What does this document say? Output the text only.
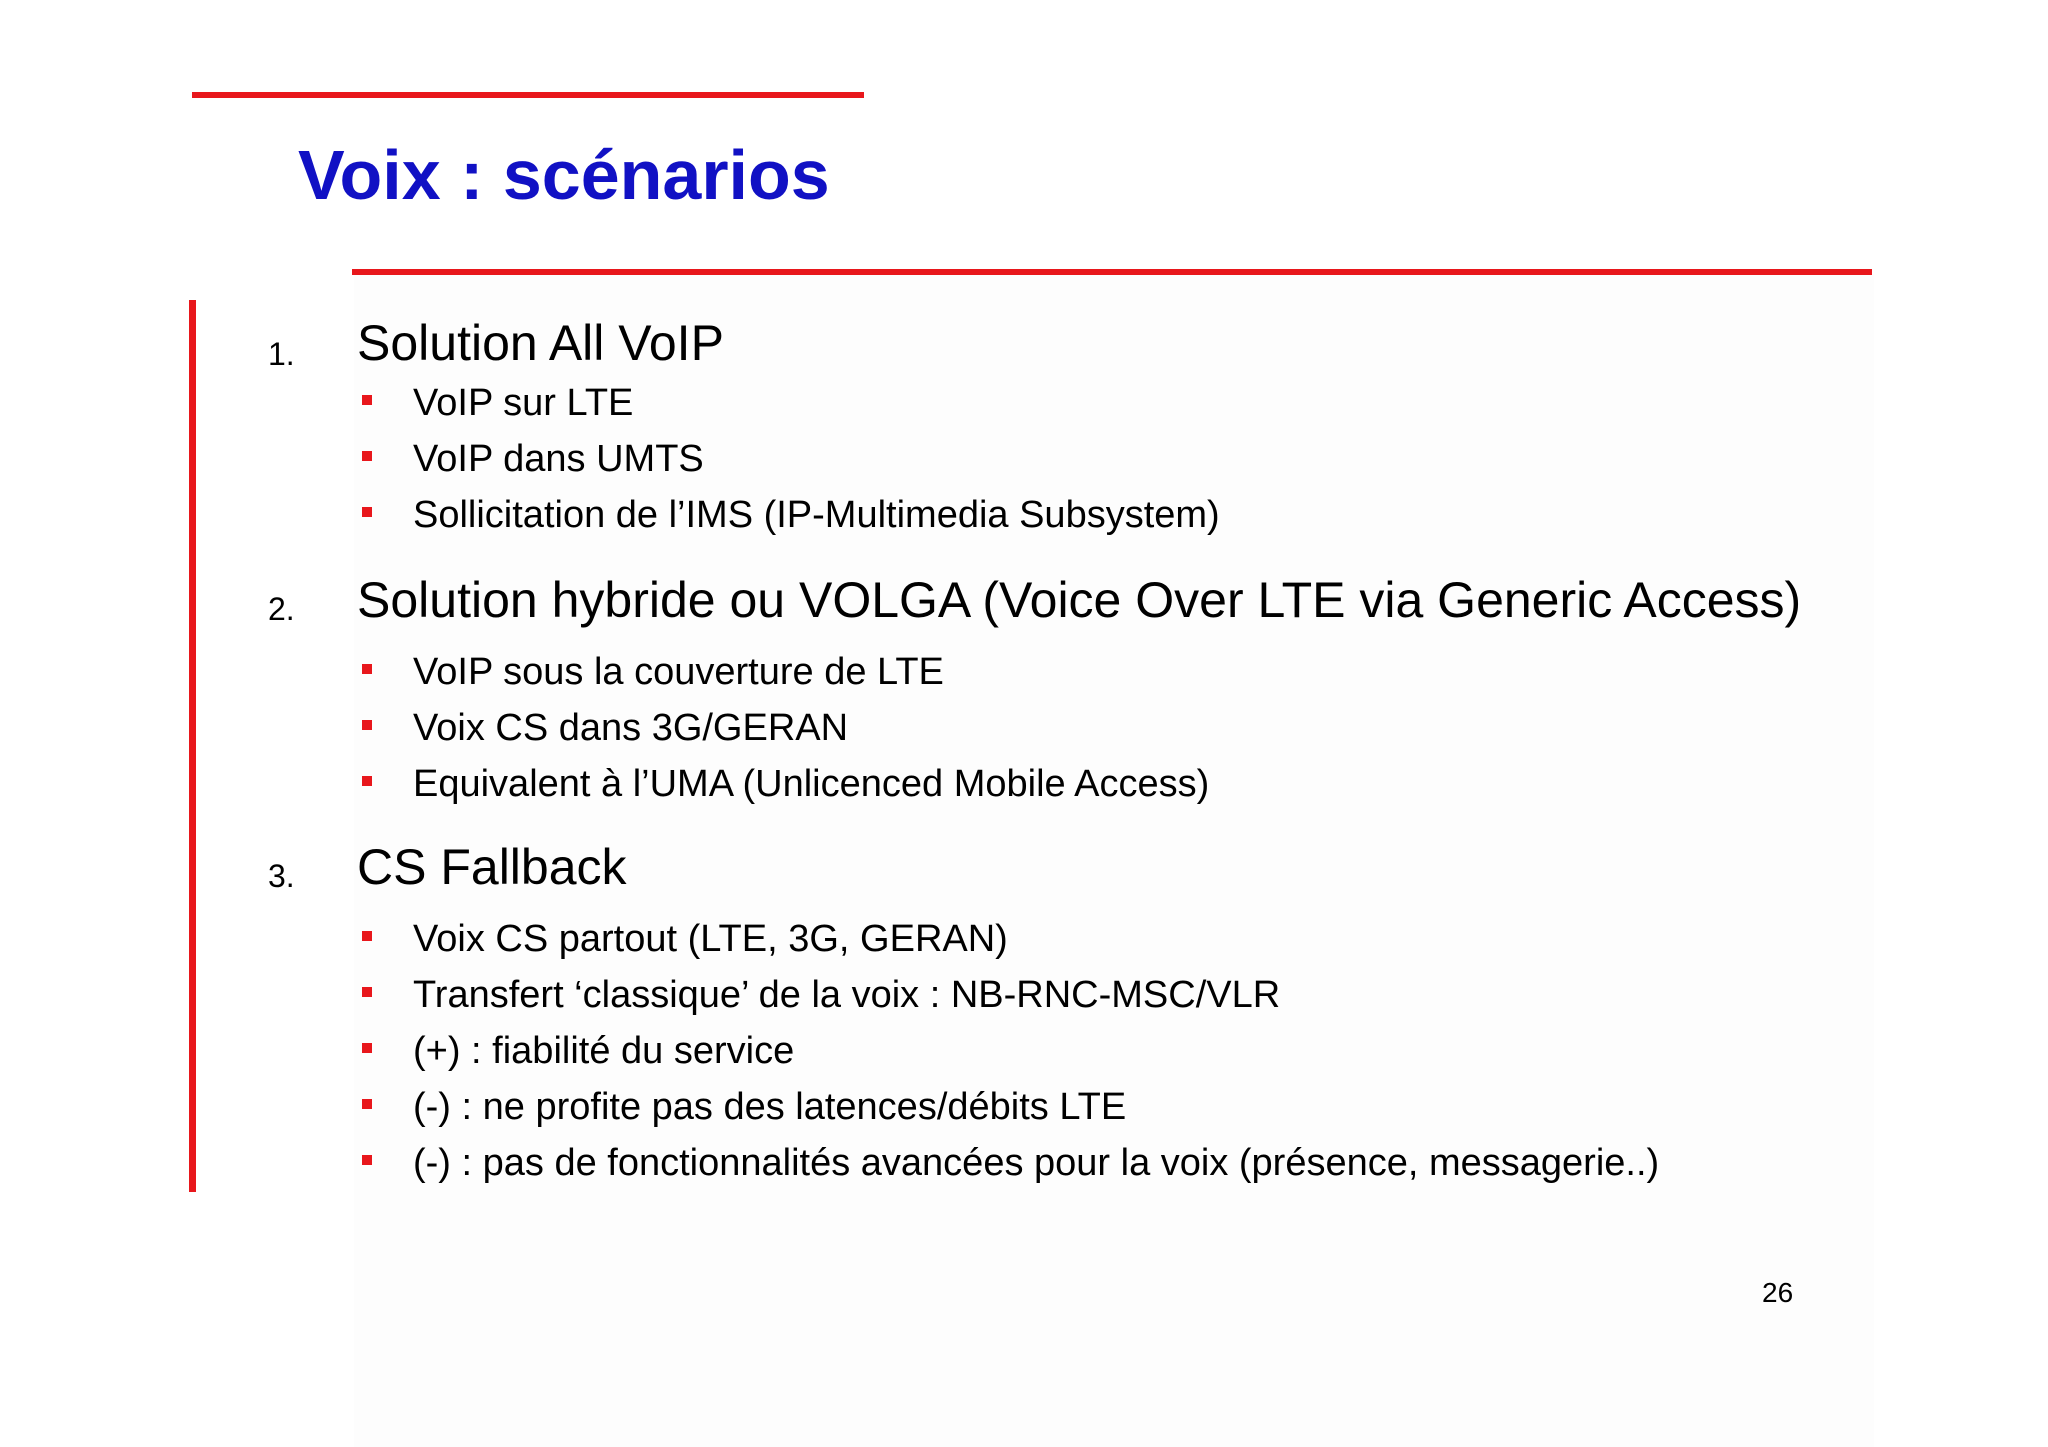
Voix : scénarios
1. Solution All VoIP
VoIP sur LTE
VoIP dans UMTS
Sollicitation de l’IMS (IP-Multimedia Subsystem)
2. Solution hybride ou VOLGA (Voice Over LTE via Generic Access)
VoIP sous la couverture de LTE
Voix CS dans 3G/GERAN
Equivalent à l’UMA (Unlicenced Mobile Access)
3. CS Fallback
Voix CS partout (LTE, 3G, GERAN)
Transfert ‘classique’ de la voix : NB-RNC-MSC/VLR
(+) : fiabilité du service
(-) : ne profite pas des latences/débits LTE
(-) : pas de fonctionnalités avancées pour la voix (présence, messagerie..)
26
